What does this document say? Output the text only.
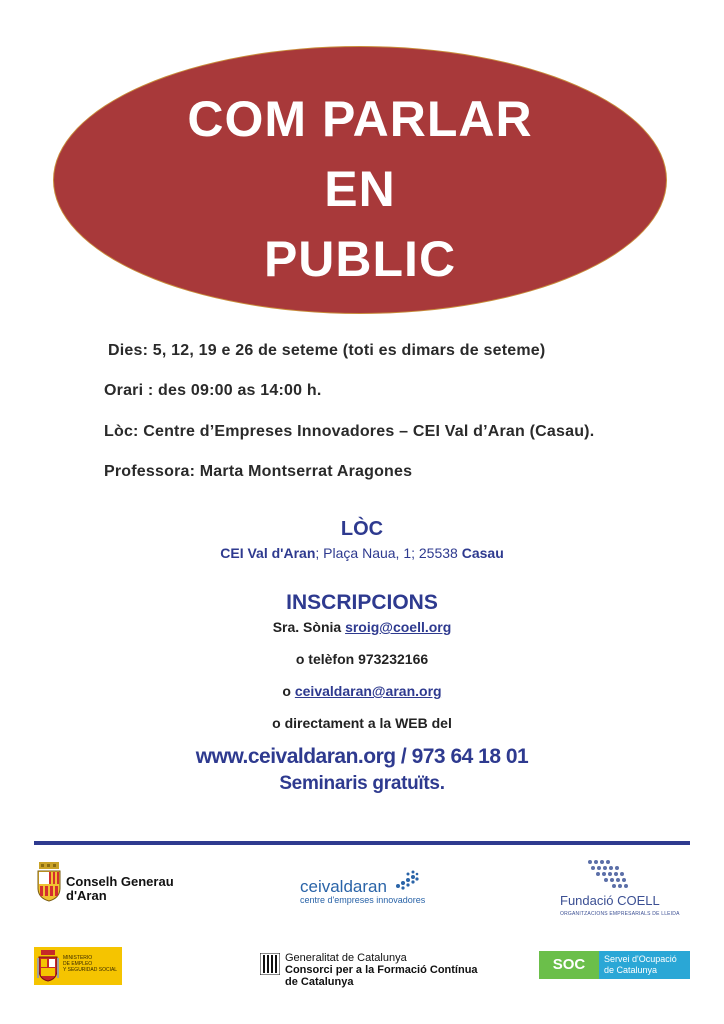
COM PARLAR
EN
PUBLIC
Dies: 5, 12, 19 e 26 de seteme (toti es dimars de seteme)
Orari : des 09:00 as 14:00 h.
Lòc: Centre d’Empreses Innovadores – CEI Val d’Aran (Casau).
Professora: Marta Montserrat Aragones
LÒC
CEI Val d'Aran; Plaça Naua, 1; 25538 Casau
INSCRIPCIONS
Sra. Sònia sroig@coell.org
o telèfon 973232166
o ceivaldaran@aran.org
o directament a la WEB del
www.ceivaldaran.org / 973 64 18 01
Seminaris gratuïts.
Conselh Generau
d'Aran	ceivaldaran
centre d'empreses innovadores	Fundació COELL
ORGANITZACIONS EMPRESARIALS DE LLEIDA
MINISTERIO
DE EMPLEO
Y SEGURIDAD SOCIAL
Generalitat de Catalunya
Consorci per a la Formació Contínua
de Catalunya
SOC	Servei d'Ocupació
de Catalunya
